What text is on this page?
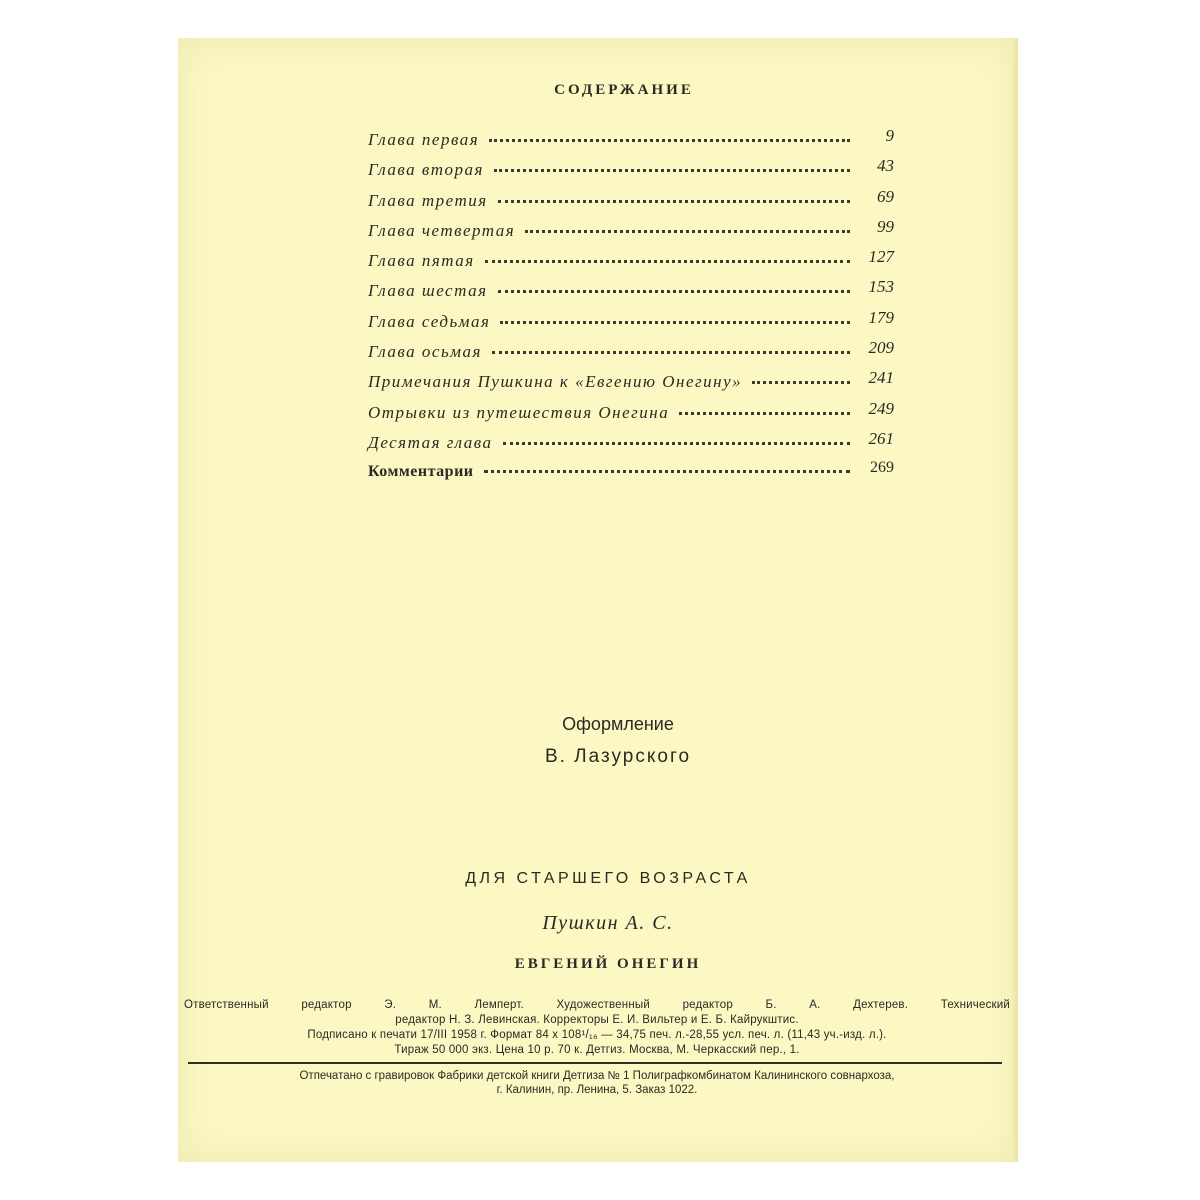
СОДЕРЖАНИЕ
Глава первая	9
Глава вторая	43
Глава третия	69
Глава четвертая	99
Глава пятая	127
Глава шестая	153
Глава седьмая	179
Глава осьмая	209
Примечания Пушкина к «Евгению Онегину»	241
Отрывки из путешествия Онегина	249
Десятая глава	261
Комментарии	269
Оформление
В. Лазурского
ДЛЯ СТАРШЕГО ВОЗРАСТА
Пушкин А. С.
ЕВГЕНИЙ ОНЕГИН

Ответственный редактор Э. М. Лемперт. Художественный редактор Б. А. Дехтерев. Технический

редактор Н. З. Левинская. Корректоры Е. И. Вильтер и Е. Б. Кайрукштис.

Подписано к печати 17/III 1958 г. Формат 84 х 108¹/₁₆ — 34,75 печ. л.-28,55 усл. печ. л. (11,43 уч.-изд. л.).

Тираж 50 000 экз. Цена 10 р. 70 к. Детгиз. Москва, М. Черкасский пер., 1.

Отпечатано с гравировок Фабрики детской книги Детгиза № 1 Полиграфкомбинатом Калининского совнархоза,

г. Калинин, пр. Ленина, 5. Заказ 1022.
